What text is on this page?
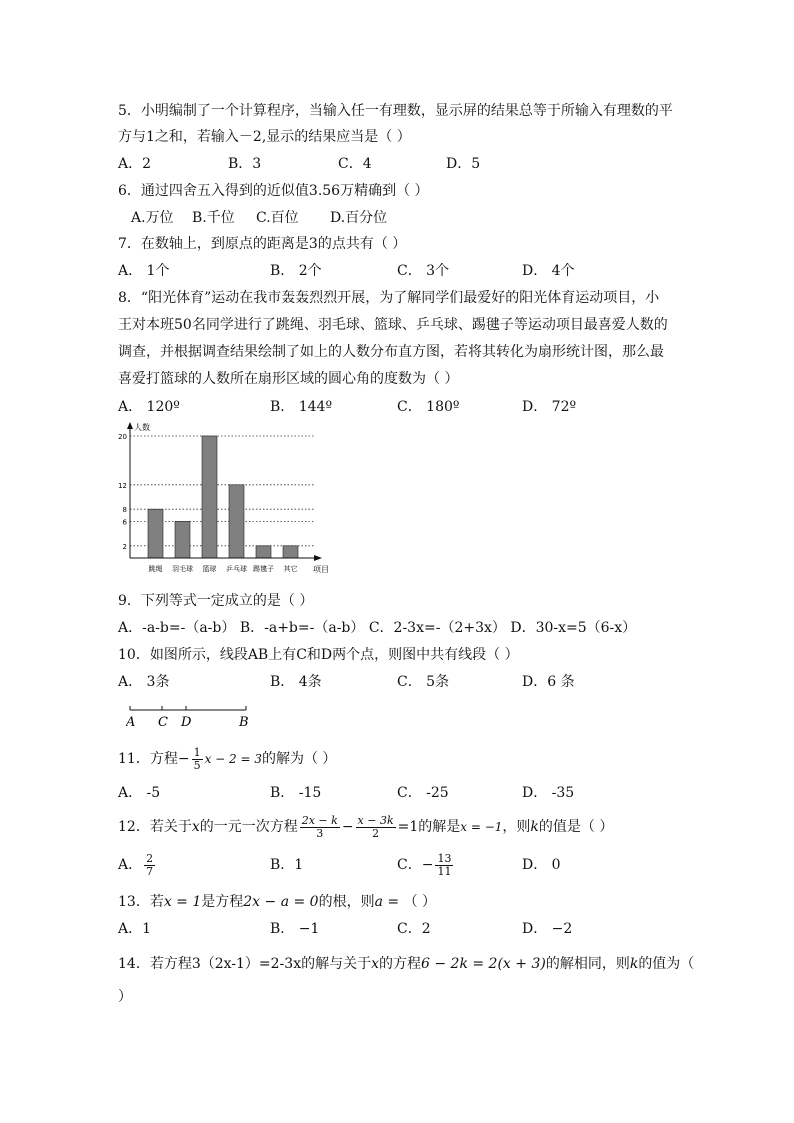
5．小明编制了一个计算程序，当输入任一有理数，显示屏的结果总等于所输入有理数的平
方与1之和，若输入－2,显示的结果应当是（ ）
A．2	B．3	C．4	D．5
6．通过四舍五入得到的近似值3.56万精确到（ ）
A.万位 B.千位 C.百位 D.百分位
7．在数轴上，到原点的距离是3的点共有（ ）
A． 1个	B． 2个	C． 3个	D． 4个
8．“阳光体育”运动在我市轰轰烈烈开展，为了解同学们最爱好的阳光体育运动项目，小
王对本班50名同学进行了跳绳、羽毛球、篮球、乒乓球、踢毽子等运动项目最喜爱人数的
调查，并根据调查结果绘制了如上的人数分布直方图，若将其转化为扇形统计图，那么最
喜爱打篮球的人数所在扇形区域的圆心角的度数为（ ）
A． 120º	B． 144º	C． 180º	D． 72º
2
6
8
12
20
跳绳 羽毛球 篮球 乒乓球 踢毽子 其它
人数
项目
9．下列等式一定成立的是（ ）
A．-a-b=-（a-b） B．-a+b=-（a-b） C．2-3x=-（2+3x） D．30-x=5（6-x）
10．如图所示，线段AB上有C和D两个点，则图中共有线段（ ）
A． 3条	B． 4条	C． 5条	D．6 条
A C D	B
11．方程− $\frac{1}{5}$ x − 2 = 3的解为（ ）
A． -5	B． -15	C． -25	D． -35
12．若关于x的一元一次方程 $\frac{2x - k}{3} - \frac{x - 3k}{2} =1$的解是x = −1，则k的值是（ ）
A． $\frac{2}{7}$	B．1	C．− $\frac{13}{11}$	D． 0
13．若x = 1是方程2x − a = 0的根，则a = （ ）
A．1	B． −1	C．2	D． −2
14．若方程3（2x-1）=2-3x的解与关于x的方程6 − 2k = 2(x + 3)的解相同，则k的值为（
）
